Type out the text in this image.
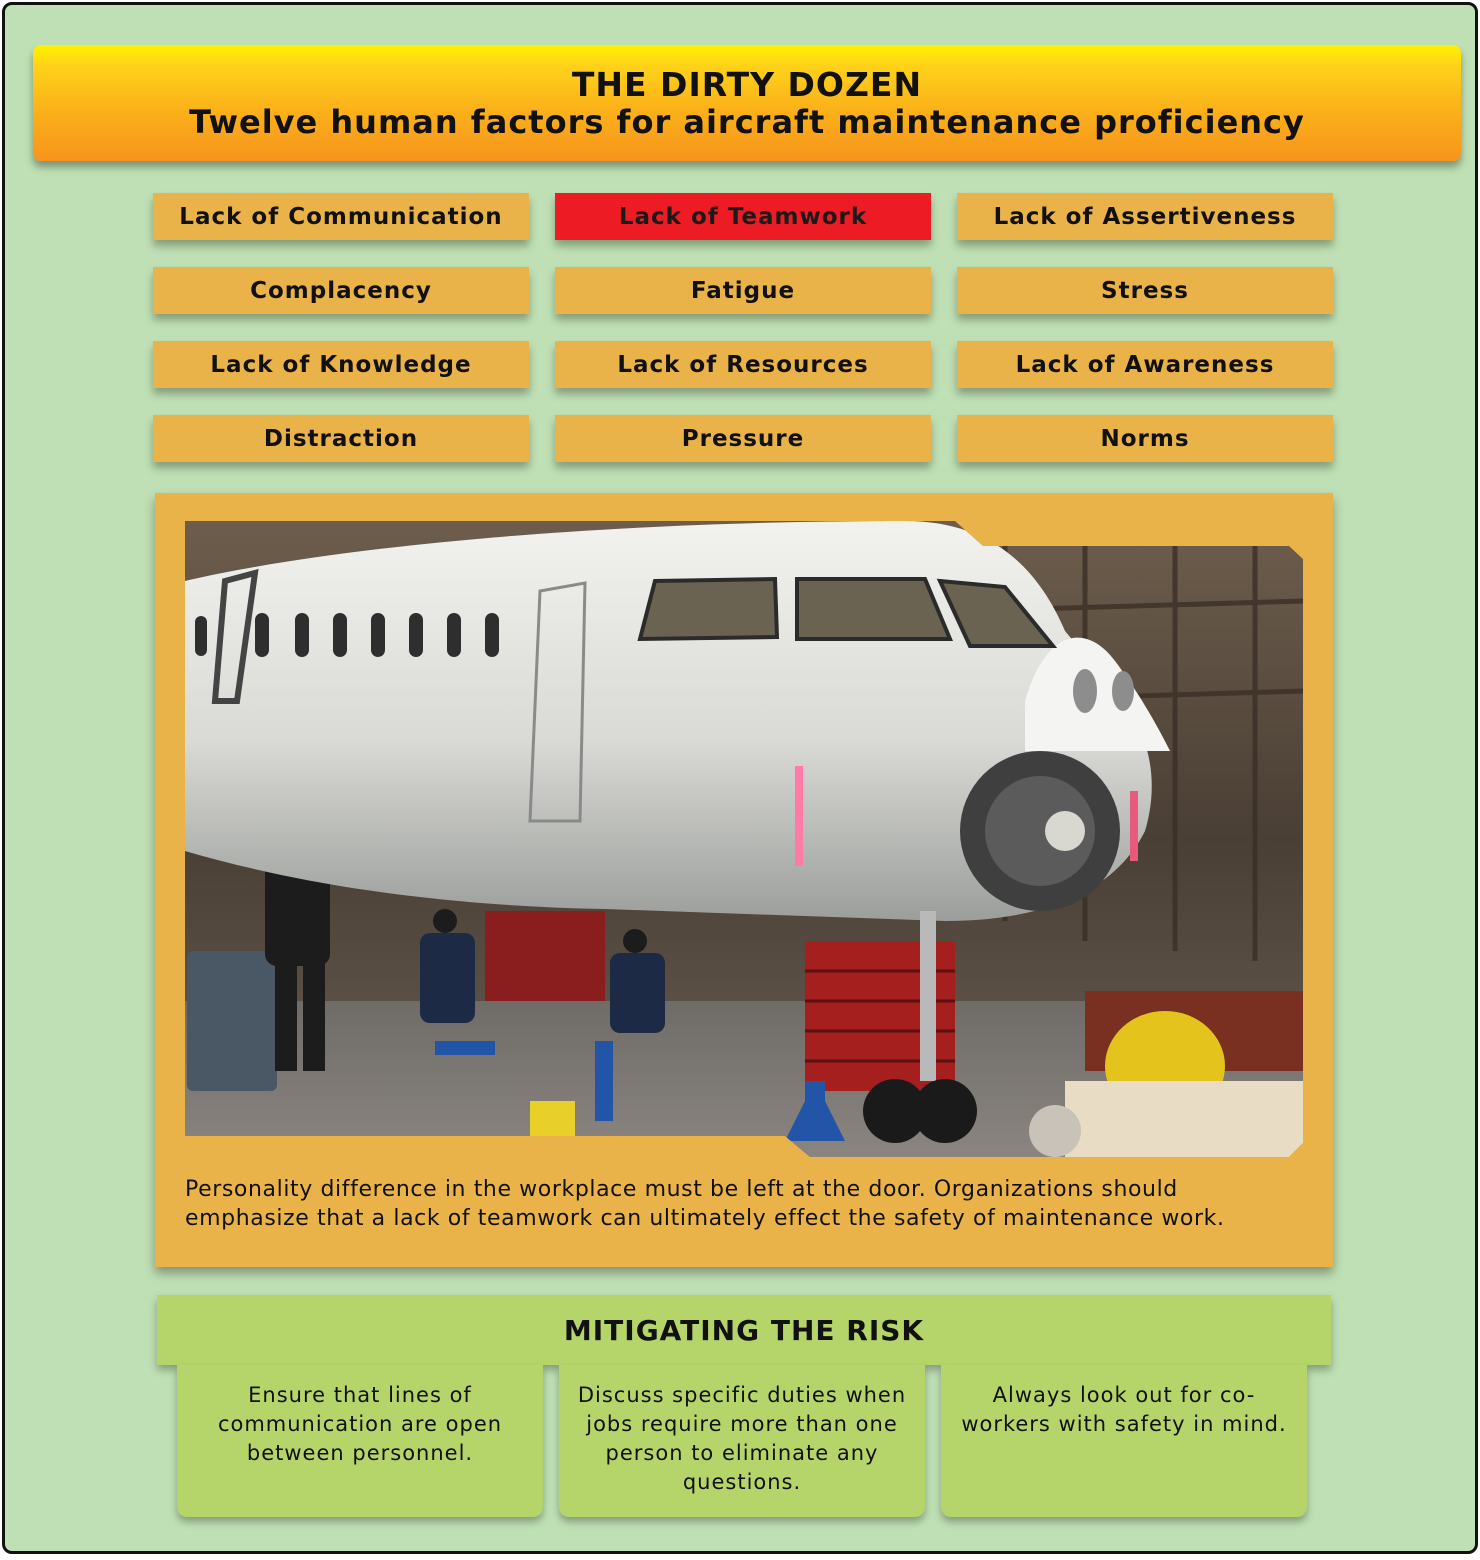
THE DIRTY DOZEN
Twelve human factors for aircraft maintenance proficiency
Lack of Communication	Lack of Teamwork	Lack of Assertiveness
Complacency	Fatigue	Stress
Lack of Knowledge	Lack of Resources	Lack of Awareness
Distraction	Pressure	Norms
Personality difference in the workplace must be left at the door. Organizations should emphasize that a lack of teamwork can ultimately effect the safety of maintenance work.
MITIGATING THE RISK
Ensure that lines of communication are open between personnel.
Discuss specific duties when jobs require more than one person to eliminate any questions.
Always look out for co-workers with safety in mind.
